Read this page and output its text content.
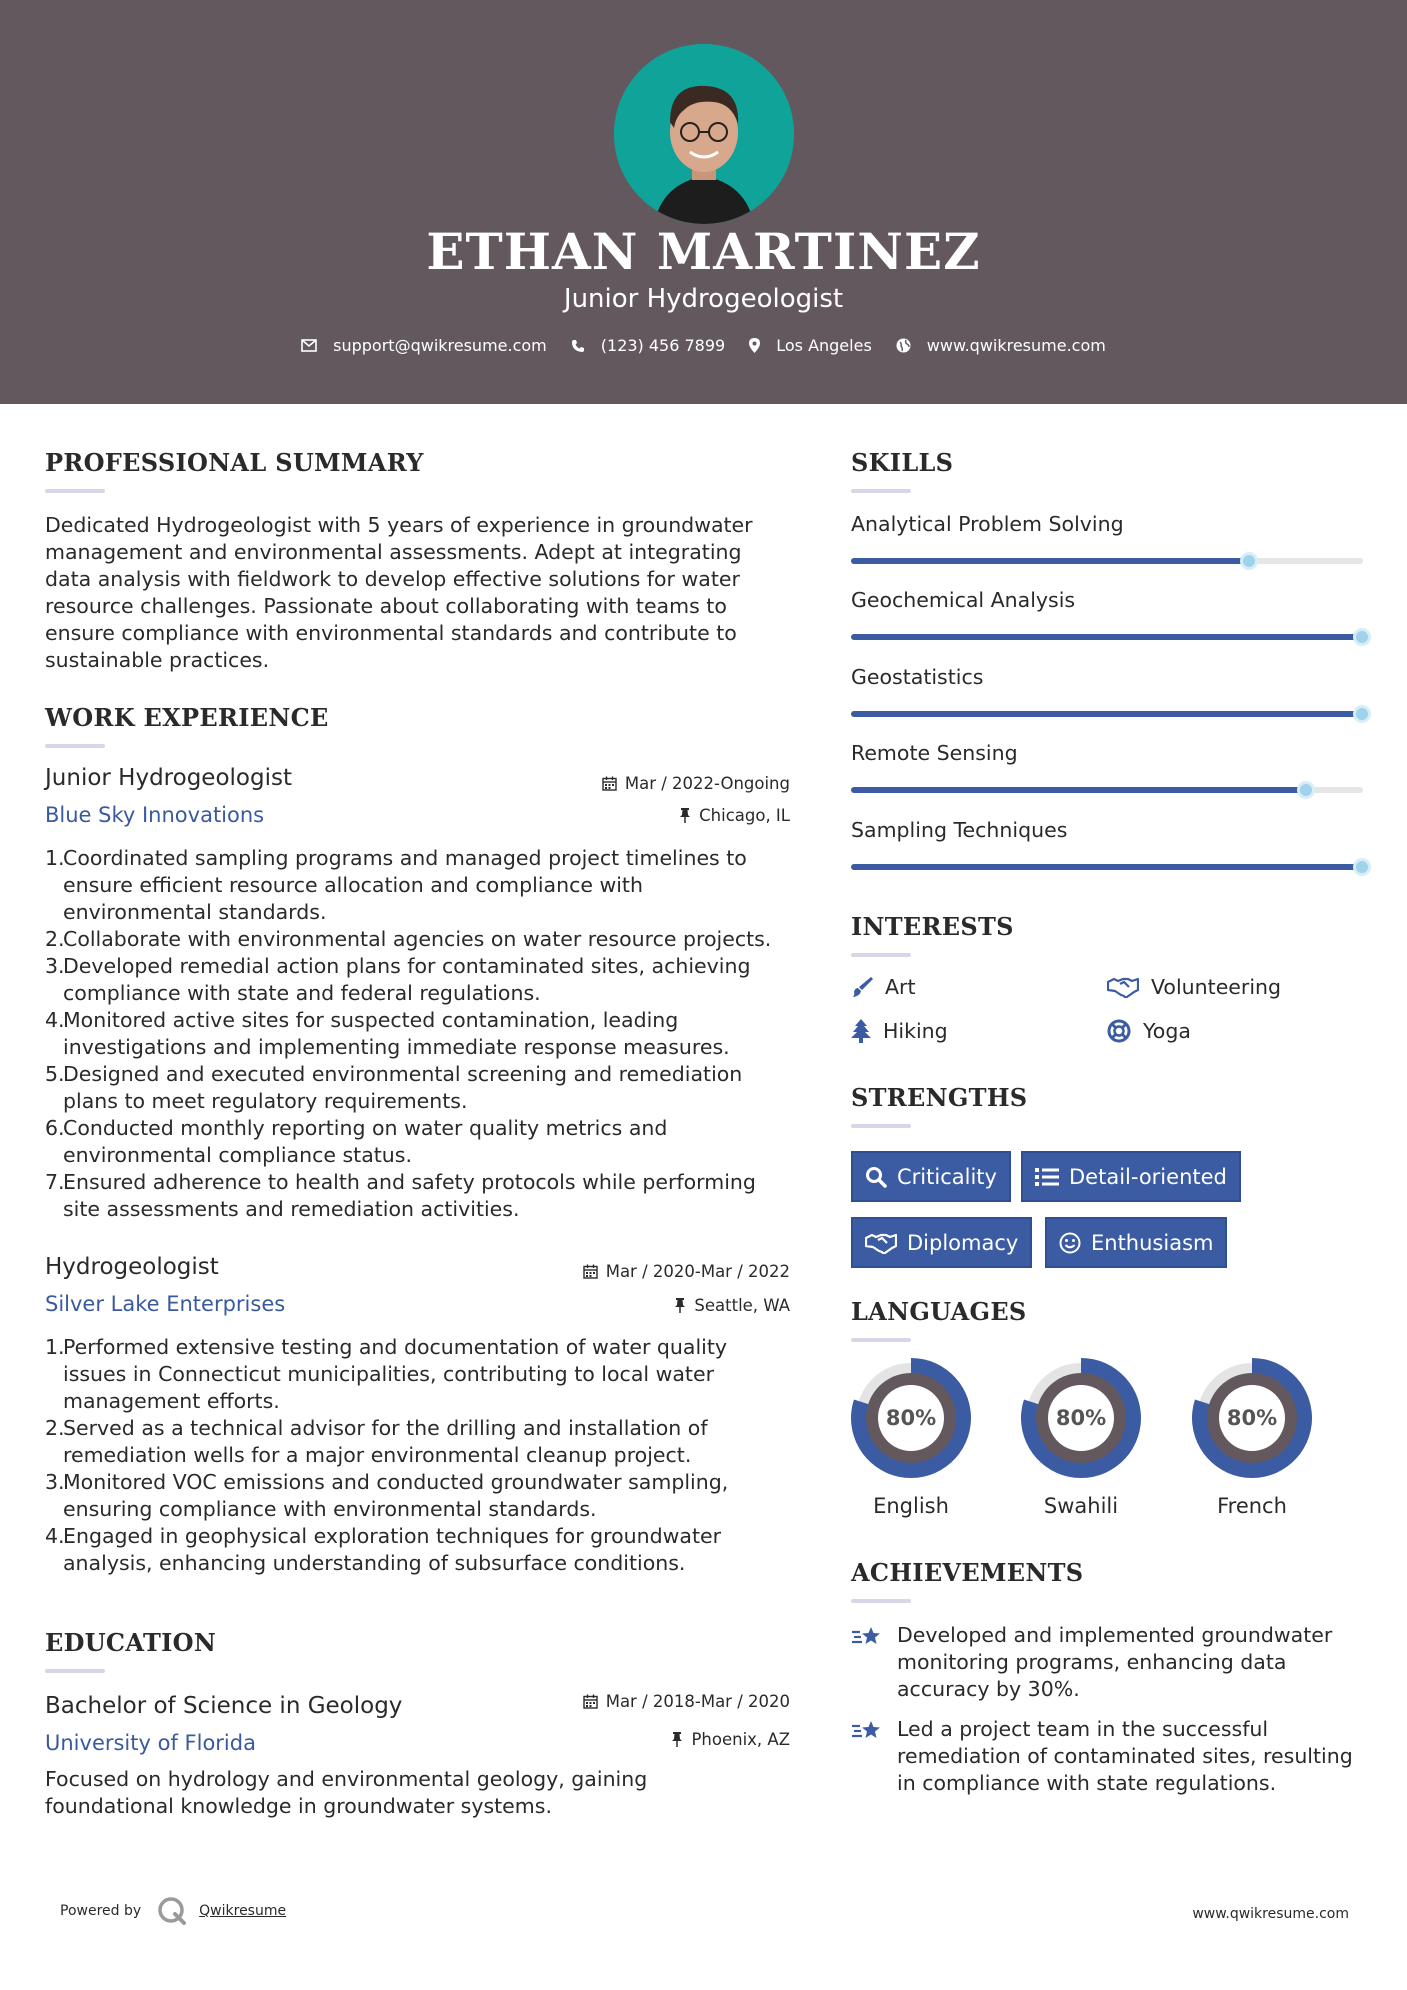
ETHAN MARTINEZ
Junior Hydrogeologist
support@qwikresume.com	(123) 456 7899	Los Angeles	www.qwikresume.com
PROFESSIONAL SUMMARY
Dedicated Hydrogeologist with 5 years of experience in groundwater
management and environmental assessments. Adept at integrating
data analysis with fieldwork to develop effective solutions for water
resource challenges. Passionate about collaborating with teams to
ensure compliance with environmental standards and contribute to
sustainable practices.
WORK EXPERIENCE
Junior Hydrogeologist	Mar / 2022-Ongoing
Blue Sky Innovations	Chicago, IL
1.
Coordinated sampling programs and managed project timelines to
ensure efficient resource allocation and compliance with
environmental standards.
2.
Collaborate with environmental agencies on water resource projects.
3.
Developed remedial action plans for contaminated sites, achieving
compliance with state and federal regulations.
4.
Monitored active sites for suspected contamination, leading
investigations and implementing immediate response measures.
5.
Designed and executed environmental screening and remediation
plans to meet regulatory requirements.
6.
Conducted monthly reporting on water quality metrics and
environmental compliance status.
7.
Ensured adherence to health and safety protocols while performing
site assessments and remediation activities.
Hydrogeologist	Mar / 2020-Mar / 2022
Silver Lake Enterprises	Seattle, WA
1.
Performed extensive testing and documentation of water quality
issues in Connecticut municipalities, contributing to local water
management efforts.
2.
Served as a technical advisor for the drilling and installation of
remediation wells for a major environmental cleanup project.
3.
Monitored VOC emissions and conducted groundwater sampling,
ensuring compliance with environmental standards.
4.
Engaged in geophysical exploration techniques for groundwater
analysis, enhancing understanding of subsurface conditions.
EDUCATION
Bachelor of Science in Geology	Mar / 2018-Mar / 2020
University of Florida	Phoenix, AZ
Focused on hydrology and environmental geology, gaining
foundational knowledge in groundwater systems.
SKILLS
Analytical Problem Solving
Geochemical Analysis
Geostatistics
Remote Sensing
Sampling Techniques
INTERESTS
Art	Volunteering
Hiking	Yoga
STRENGTHS
Criticality	Detail-oriented
Diplomacy	Enthusiasm
LANGUAGES
80%
English
80%
Swahili
80%
French
ACHIEVEMENTS
Developed and implemented groundwater
monitoring programs, enhancing data
accuracy by 30%.
Led a project team in the successful
remediation of contaminated sites, resulting
in compliance with state regulations.
Powered by	Qwikresume	www.qwikresume.com
